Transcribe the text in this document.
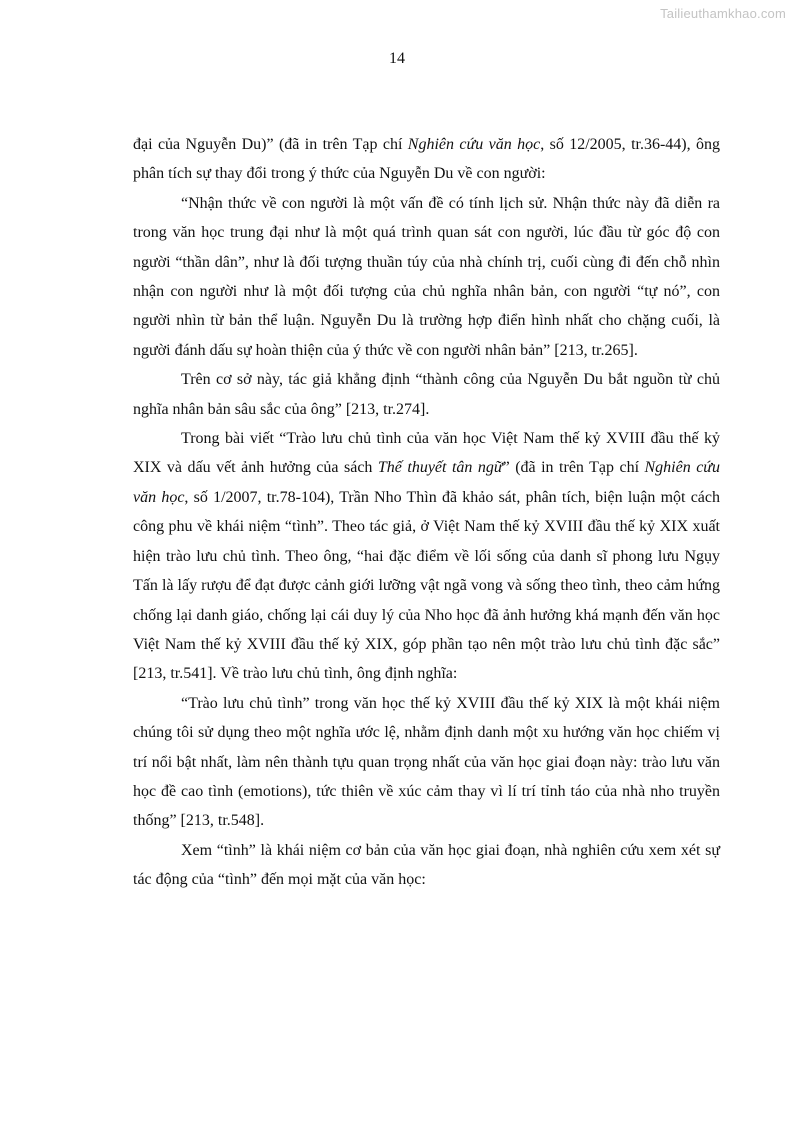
Tailieuthamkhao.com
14

đại của Nguyễn Du)” (đã in trên Tạp chí Nghiên cứu văn học, số 12/2005, tr.36-44), ông phân tích sự thay đổi trong ý thức của Nguyễn Du về con người:

“Nhận thức về con người là một vấn đề có tính lịch sử. Nhận thức này đã diễn ra trong văn học trung đại như là một quá trình quan sát con người, lúc đầu từ góc độ con người “thần dân”, như là đối tượng thuần túy của nhà chính trị, cuối cùng đi đến chỗ nhìn nhận con người như là một đối tượng của chủ nghĩa nhân bản, con người “tự nó”, con người nhìn từ bản thể luận. Nguyễn Du là trường hợp điển hình nhất cho chặng cuối, là người đánh dấu sự hoàn thiện của ý thức về con người nhân bản” [213, tr.265].

Trên cơ sở này, tác giả khẳng định “thành công của Nguyễn Du bắt nguồn từ chủ nghĩa nhân bản sâu sắc của ông” [213, tr.274].

Trong bài viết “Trào lưu chủ tình của văn học Việt Nam thế kỷ XVIII đầu thế kỷ XIX và dấu vết ảnh hưởng của sách Thế thuyết tân ngữ” (đã in trên Tạp chí Nghiên cứu văn học, số 1/2007, tr.78-104), Trần Nho Thìn đã khảo sát, phân tích, biện luận một cách công phu về khái niệm “tình”. Theo tác giả, ở Việt Nam thế kỷ XVIII đầu thế kỷ XIX xuất hiện trào lưu chủ tình. Theo ông, “hai đặc điểm về lối sống của danh sĩ phong lưu Ngụy Tấn là lấy rượu để đạt được cảnh giới lưỡng vật ngã vong và sống theo tình, theo cảm hứng chống lại danh giáo, chống lại cái duy lý của Nho học đã ảnh hưởng khá mạnh đến văn học Việt Nam thế kỷ XVIII đầu thế kỷ XIX, góp phần tạo nên một trào lưu chủ tình đặc sắc” [213, tr.541]. Về trào lưu chủ tình, ông định nghĩa:

“Trào lưu chủ tình” trong văn học thế kỷ XVIII đầu thế kỷ XIX là một khái niệm chúng tôi sử dụng theo một nghĩa ước lệ, nhằm định danh một xu hướng văn học chiếm vị trí nổi bật nhất, làm nên thành tựu quan trọng nhất của văn học giai đoạn này: trào lưu văn học đề cao tình (emotions), tức thiên về xúc cảm thay vì lí trí tỉnh táo của nhà nho truyền thống” [213, tr.548].

Xem “tình” là khái niệm cơ bản của văn học giai đoạn, nhà nghiên cứu xem xét sự tác động của “tình” đến mọi mặt của văn học:
